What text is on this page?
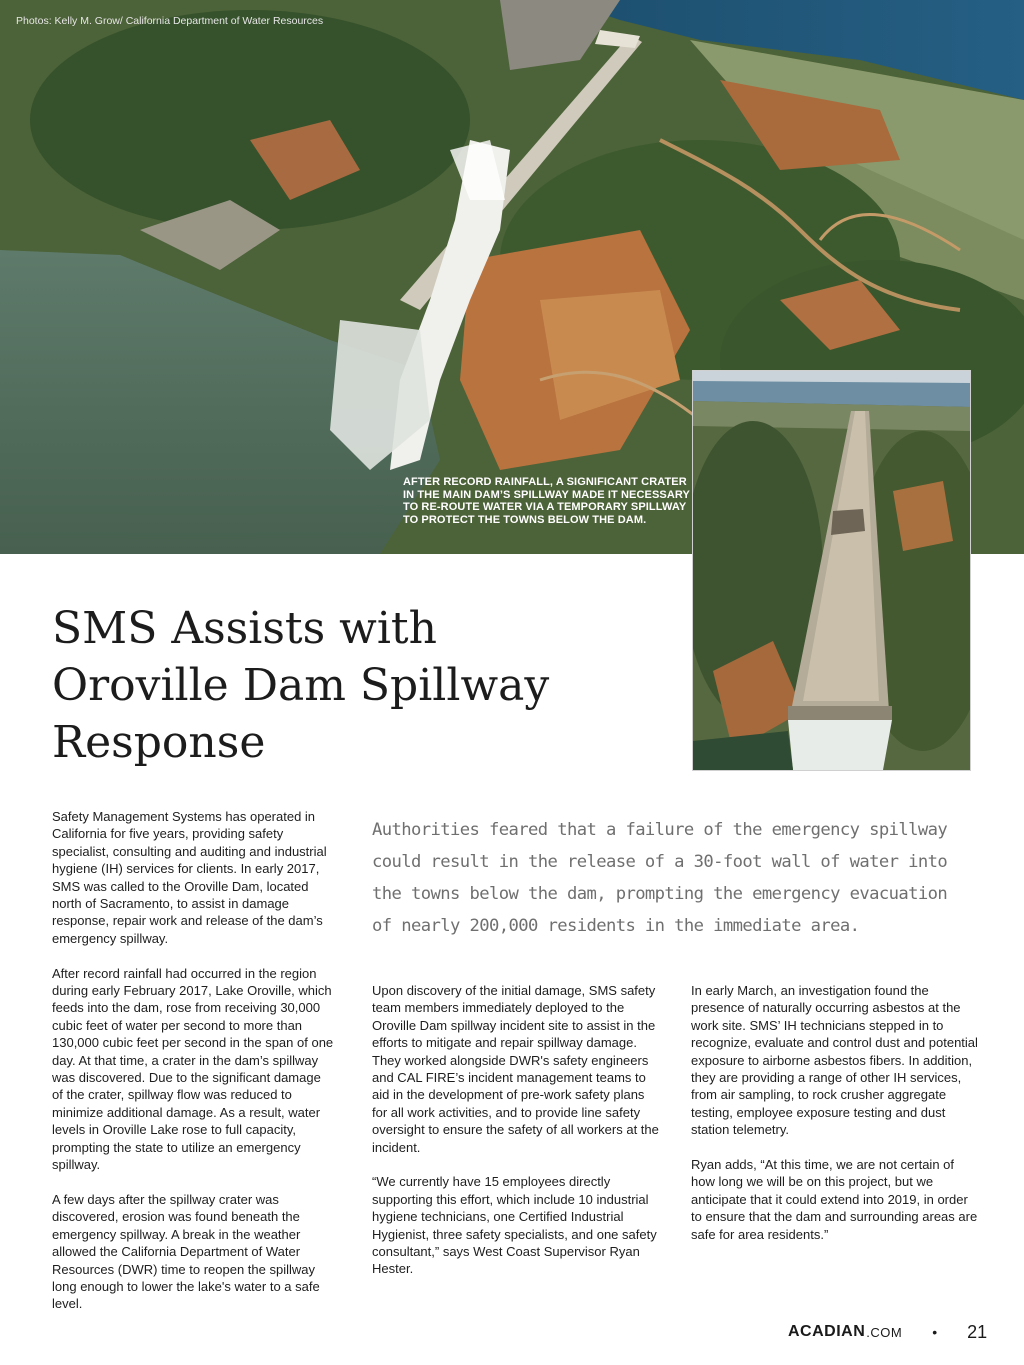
Photos: Kelly M. Grow/ California Department of Water Resources
AFTER RECORD RAINFALL, A SIGNIFICANT CRATER IN THE MAIN DAM’S SPILLWAY MADE IT NECESSARY TO RE-ROUTE WATER VIA A TEMPORARY SPILLWAY TO PROTECT THE TOWNS BELOW THE DAM.
SMS Assists with Oroville Dam Spillway Response

Safety Management Systems has operated in California for five years, providing safety specialist, consulting and auditing and industrial hygiene (IH) services for clients. In early 2017, SMS was called to the Oroville Dam, located north of Sacramento, to assist in damage response, repair work and release of the dam’s emergency spillway.

After record rainfall had occurred in the region during early February 2017, Lake Oroville, which feeds into the dam, rose from receiving 30,000 cubic feet of water per second to more than 130,000 cubic feet per second in the span of one day. At that time, a crater in the dam’s spillway was discovered. Due to the significant damage of the crater, spillway flow was reduced to minimize additional damage. As a result, water levels in Oroville Lake rose to full capacity, prompting the state to utilize an emergency spillway.

A few days after the spillway crater was discovered, erosion was found beneath the emergency spillway. A break in the weather allowed the California Department of Water Resources (DWR) time to reopen the spillway long enough to lower the lake's water to a safe level.

Authorities feared that a failure of the emergency spillway could result in the release of a 30-foot wall of water into the towns below the dam, prompting the emergency evacuation of nearly 200,000 residents in the immediate area.

Upon discovery of the initial damage, SMS safety team members immediately deployed to the Oroville Dam spillway incident site to assist in the efforts to mitigate and repair spillway damage. They worked alongside DWR's safety engineers and CAL FIRE’s incident management teams to aid in the development of pre-work safety plans for all work activities, and to provide line safety oversight to ensure the safety of all workers at the incident.

“We currently have 15 employees directly supporting this effort, which include 10 industrial hygiene technicians, one Certified Industrial Hygienist, three safety specialists, and one safety consultant,” says West Coast Supervisor Ryan Hester.

In early March, an investigation found the presence of naturally occurring asbestos at the work site. SMS’ IH technicians stepped in to recognize, evaluate and control dust and potential exposure to airborne asbestos fibers. In addition, they are providing a range of other IH services, from air sampling, to rock crusher aggregate testing, employee exposure testing and dust station telemetry.

Ryan adds, “At this time, we are not certain of how long we will be on this project, but we anticipate that it could extend into 2019, in order to ensure that the dam and surrounding areas are safe for area residents.”

ACADIAN .COM • 21
